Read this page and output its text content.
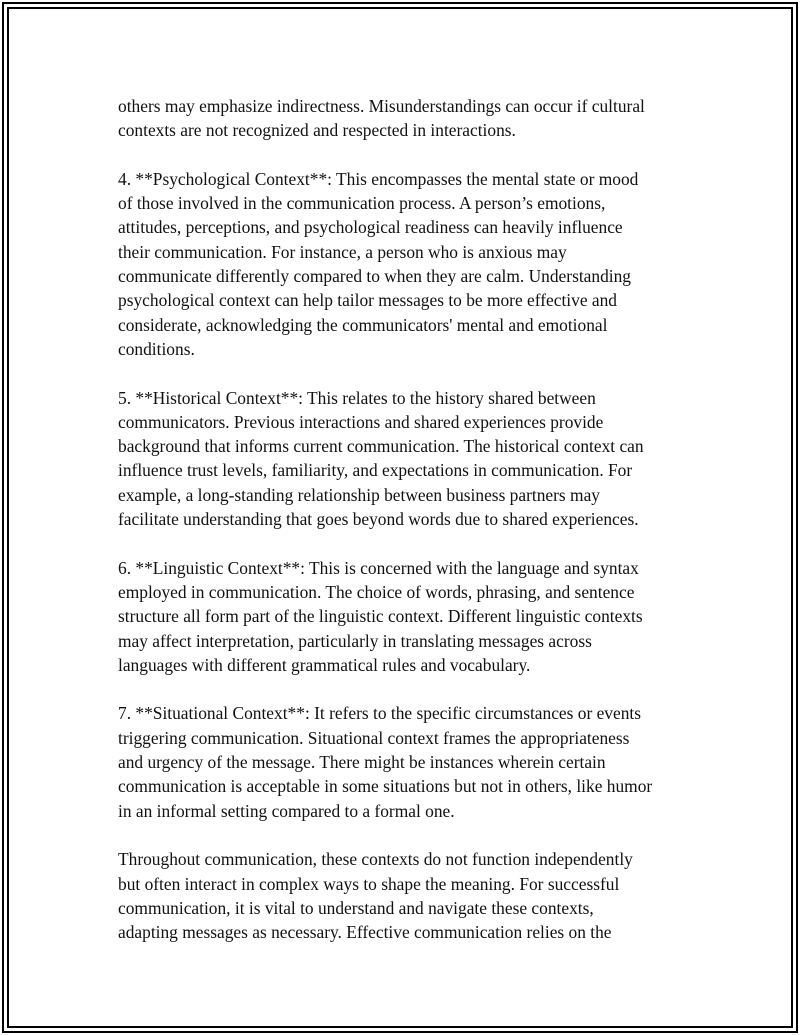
others may emphasize indirectness. Misunderstandings can occur if cultural
contexts are not recognized and respected in interactions.

4. **Psychological Context**: This encompasses the mental state or mood
of those involved in the communication process. A person’s emotions,
attitudes, perceptions, and psychological readiness can heavily influence
their communication. For instance, a person who is anxious may
communicate differently compared to when they are calm. Understanding
psychological context can help tailor messages to be more effective and
considerate, acknowledging the communicators' mental and emotional
conditions.

5. **Historical Context**: This relates to the history shared between
communicators. Previous interactions and shared experiences provide
background that informs current communication. The historical context can
influence trust levels, familiarity, and expectations in communication. For
example, a long-standing relationship between business partners may
facilitate understanding that goes beyond words due to shared experiences.

6. **Linguistic Context**: This is concerned with the language and syntax
employed in communication. The choice of words, phrasing, and sentence
structure all form part of the linguistic context. Different linguistic contexts
may affect interpretation, particularly in translating messages across
languages with different grammatical rules and vocabulary.

7. **Situational Context**: It refers to the specific circumstances or events
triggering communication. Situational context frames the appropriateness
and urgency of the message. There might be instances wherein certain
communication is acceptable in some situations but not in others, like humor
in an informal setting compared to a formal one.

Throughout communication, these contexts do not function independently
but often interact in complex ways to shape the meaning. For successful
communication, it is vital to understand and navigate these contexts,
adapting messages as necessary. Effective communication relies on the
